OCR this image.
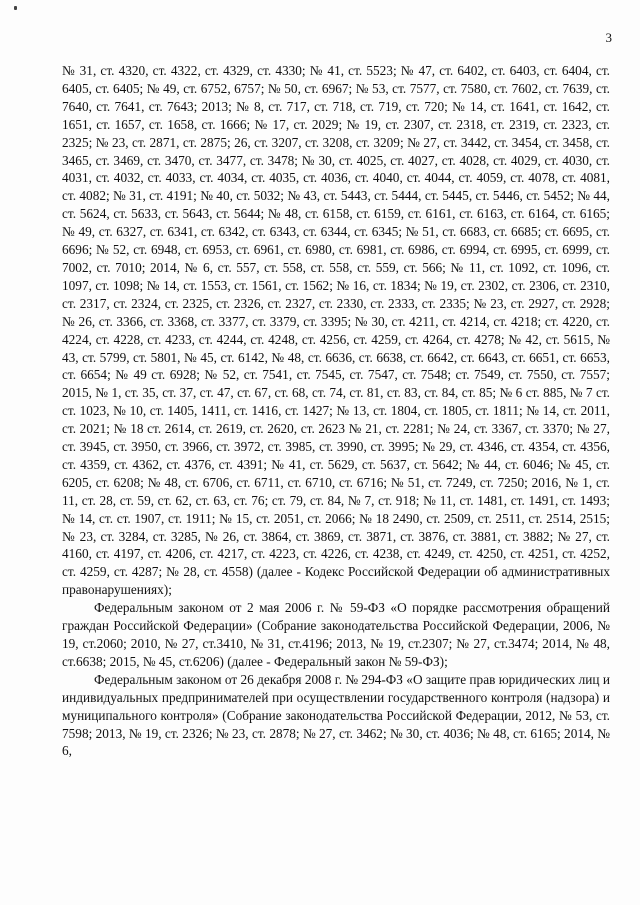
3

№ 31, ст. 4320, ст. 4322, ст. 4329, ст. 4330; № 41, ст. 5523; № 47, ст. 6402, ст. 6403, ст. 6404, ст. 6405, ст. 6405; № 49, ст. 6752, 6757; № 50, ст. 6967; № 53, ст. 7577, ст. 7580, ст. 7602, ст. 7639, ст. 7640, ст. 7641, ст. 7643; 2013; № 8, ст. 717, ст. 718, ст. 719, ст. 720; № 14, ст. 1641, ст. 1642, ст. 1651, ст. 1657, ст. 1658, ст. 1666; № 17, ст. 2029; № 19, ст. 2307, ст. 2318, ст. 2319, ст. 2323, ст. 2325; № 23, ст. 2871, ст. 2875; 26, ст. 3207, ст. 3208, ст. 3209; № 27, ст. 3442, ст. 3454, ст. 3458, ст. 3465, ст. 3469, ст. 3470, ст. 3477, ст. 3478; № 30, ст. 4025, ст. 4027, ст. 4028, ст. 4029, ст. 4030, ст. 4031, ст. 4032, ст. 4033, ст. 4034, ст. 4035, ст. 4036, ст. 4040, ст. 4044, ст. 4059, ст. 4078, ст. 4081, ст. 4082; № 31, ст. 4191; № 40, ст. 5032; № 43, ст. 5443, ст. 5444, ст. 5445, ст. 5446, ст. 5452; № 44, ст. 5624, ст. 5633, ст. 5643, ст. 5644; № 48, ст. 6158, ст. 6159, ст. 6161, ст. 6163, ст. 6164, ст. 6165; № 49, ст. 6327, ст. 6341, ст. 6342, ст. 6343, ст. 6344, ст. 6345; № 51, ст. 6683, ст. 6685; ст. 6695, ст. 6696; № 52, ст. 6948, ст. 6953, ст. 6961, ст. 6980, ст. 6981, ст. 6986, ст. 6994, ст. 6995, ст. 6999, ст. 7002, ст. 7010; 2014, № 6, ст. 557, ст. 558, ст. 558, ст. 559, ст. 566; № 11, ст. 1092, ст. 1096, ст. 1097, ст. 1098; № 14, ст. 1553, ст. 1561, ст. 1562; № 16, ст. 1834; № 19, ст. 2302, ст. 2306, ст. 2310, ст. 2317, ст. 2324, ст. 2325, ст. 2326, ст. 2327, ст. 2330, ст. 2333, ст. 2335; № 23, ст. 2927, ст. 2928; № 26, ст. 3366, ст. 3368, ст. 3377, ст. 3379, ст. 3395; № 30, ст. 4211, ст. 4214, ст. 4218; ст. 4220, ст. 4224, ст. 4228, ст. 4233, ст. 4244, ст. 4248, ст. 4256, ст. 4259, ст. 4264, ст. 4278; № 42, ст. 5615, № 43, ст. 5799, ст. 5801, № 45, ст. 6142, № 48, ст. 6636, ст. 6638, ст. 6642, ст. 6643, ст. 6651, ст. 6653, ст. 6654; № 49 ст. 6928; № 52, ст. 7541, ст. 7545, ст. 7547, ст. 7548; ст. 7549, ст. 7550, ст. 7557; 2015, № 1, ст. 35, ст. 37, ст. 47, ст. 67, ст. 68, ст. 74, ст. 81, ст. 83, ст. 84, ст. 85; № 6 ст. 885, № 7 ст. ст. 1023, № 10, ст. 1405, 1411, ст. 1416, ст. 1427; № 13, ст. 1804, ст. 1805, ст. 1811; № 14, ст. 2011, ст. 2021; № 18 ст. 2614, ст. 2619, ст. 2620, ст. 2623 № 21, ст. 2281; № 24, ст. 3367, ст. 3370; № 27, ст. 3945, ст. 3950, ст. 3966, ст. 3972, ст. 3985, ст. 3990, ст. 3995; № 29, ст. 4346, ст. 4354, ст. 4356, ст. 4359, ст. 4362, ст. 4376, ст. 4391; № 41, ст. 5629, ст. 5637, ст. 5642; № 44, ст. 6046; № 45, ст. 6205, ст. 6208; № 48, ст. 6706, ст. 6711, ст. 6710, ст. 6716; № 51, ст. 7249, ст. 7250; 2016, № 1, ст. 11, ст. 28, ст. 59, ст. 62, ст. 63, ст. 76; ст. 79, ст. 84, № 7, ст. 918; № 11, ст. 1481, ст. 1491, ст. 1493; № 14, ст. ст. 1907, ст. 1911; № 15, ст. 2051, ст. 2066; № 18 2490, ст. 2509, ст. 2511, ст. 2514, 2515; № 23, ст. 3284, ст. 3285, № 26, ст. 3864, ст. 3869, ст. 3871, ст. 3876, ст. 3881, ст. 3882; № 27, ст. 4160, ст. 4197, ст. 4206, ст. 4217, ст. 4223, ст. 4226, ст. 4238, ст. 4249, ст. 4250, ст. 4251, ст. 4252, ст. 4259, ст. 4287; № 28, ст. 4558) (далее - Кодекс Российской Федерации об административных правонарушениях);

Федеральным законом от 2 мая 2006 г. № 59-ФЗ «О порядке рассмотрения обращений граждан Российской Федерации» (Собрание законодательства Российской Федерации, 2006, № 19, ст.2060; 2010, № 27, ст.3410, № 31, ст.4196; 2013, № 19, ст.2307; № 27, ст.3474; 2014, № 48, ст.6638; 2015, № 45, ст.6206) (далее - Федеральный закон № 59-ФЗ);

Федеральным законом от 26 декабря 2008 г. № 294-ФЗ «О защите прав юридических лиц и индивидуальных предпринимателей при осуществлении государственного контроля (надзора) и муниципального контроля» (Собрание законодательства Российской Федерации, 2012, № 53, ст. 7598; 2013, № 19, ст. 2326; № 23, ст. 2878; № 27, ст. 3462; № 30, ст. 4036; № 48, ст. 6165; 2014, № 6,
